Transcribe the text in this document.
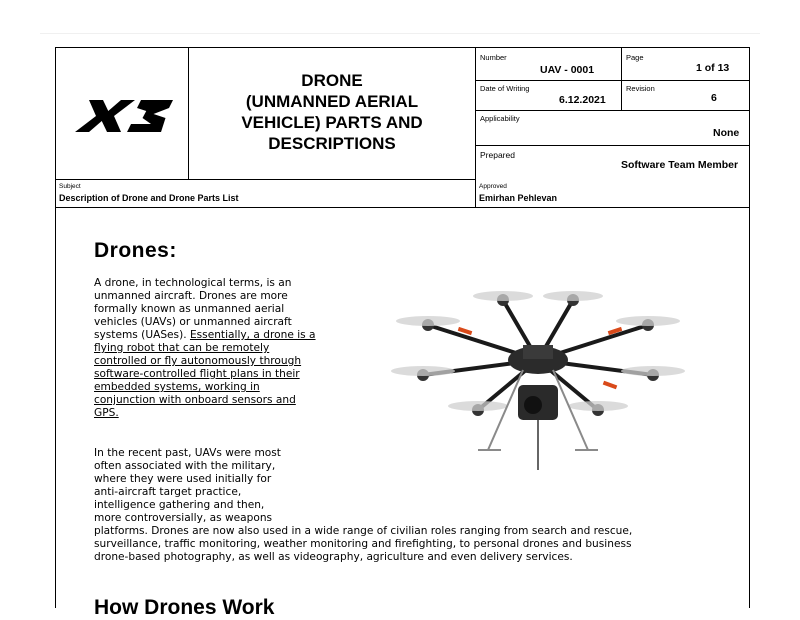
DRONE
(UNMANNED AERIAL
VEHICLE) PARTS AND
DESCRIPTIONS
Number
UAV - 0001
Page
1 of 13
Date of Writing
6.12.2021
Revision
6
Applicability
None
Prepared
Software Team Member
Subject
Description of Drone and Drone Parts List
Approved
Emirhan Pehlevan
Drones:
A drone, in technological terms, is an unmanned aircraft. Drones are more formally known as unmanned aerial vehicles (UAVs) or unmanned aircraft systems (UASes). Essentially, a drone is a flying robot that can be remotely controlled or fly autonomously through software-controlled flight plans in their embedded systems, working in conjunction with onboard sensors and GPS.
In the recent past, UAVs were most
often associated with the military,
where they were used initially for
anti-aircraft target practice,
intelligence gathering and then,
more controversially, as weapons
platforms. Drones are now also used in a wide range of civilian roles ranging from search and rescue,
surveillance, traffic monitoring, weather monitoring and firefighting, to personal drones and business
drone-based photography, as well as videography, agriculture and even delivery services.
How Drones Work
